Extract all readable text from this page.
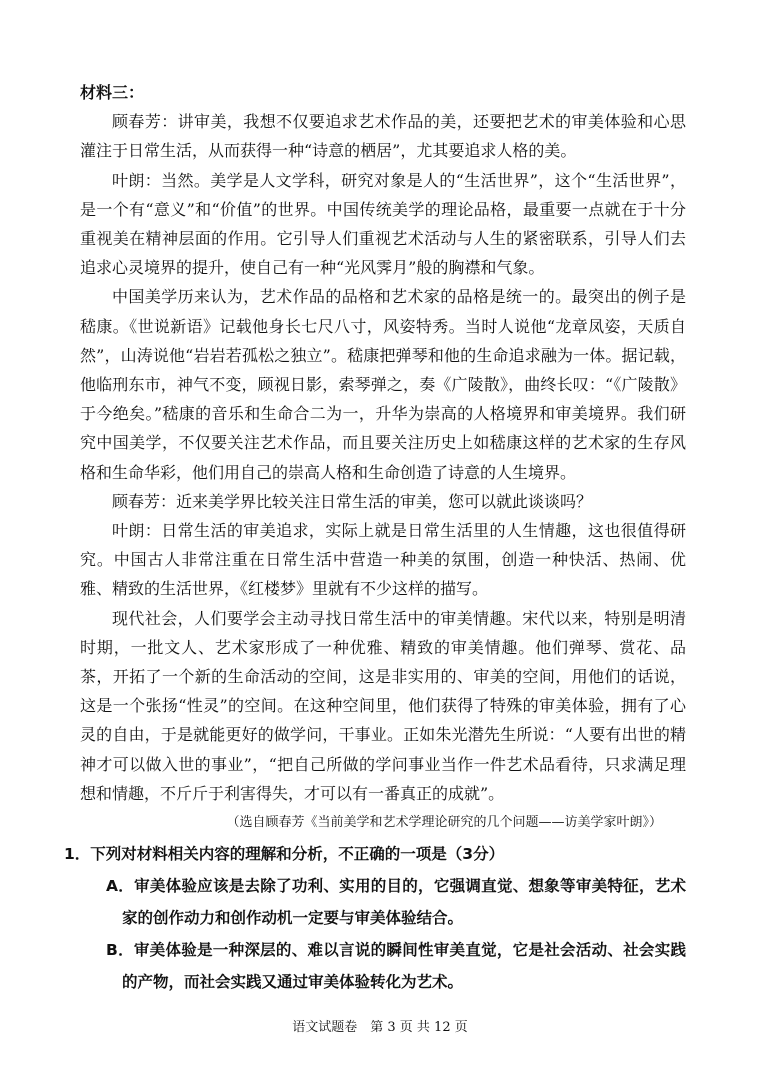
材料三：

顾春芳：讲审美，我想不仅要追求艺术作品的美，还要把艺术的审美体验和心思灌注于日常生活，从而获得一种“诗意的栖居”，尤其要追求人格的美。

叶朗：当然。美学是人文学科，研究对象是人的“生活世界”，这个“生活世界”，是一个有“意义”和“价值”的世界。中国传统美学的理论品格，最重要一点就在于十分重视美在精神层面的作用。它引导人们重视艺术活动与人生的紧密联系，引导人们去追求心灵境界的提升，使自己有一种“光风霁月”般的胸襟和气象。

中国美学历来认为，艺术作品的品格和艺术家的品格是统一的。最突出的例子是嵇康。《世说新语》记载他身长七尺八寸，风姿特秀。当时人说他“龙章凤姿，天质自然”，山涛说他“岩岩若孤松之独立”。嵇康把弹琴和他的生命追求融为一体。据记载，他临刑东市，神气不变，顾视日影，索琴弹之，奏《广陵散》，曲终长叹：“《广陵散》于今绝矣。”嵇康的音乐和生命合二为一，升华为崇高的人格境界和审美境界。我们研究中国美学，不仅要关注艺术作品，而且要关注历史上如嵇康这样的艺术家的生存风格和生命华彩，他们用自己的崇高人格和生命创造了诗意的人生境界。

顾春芳：近来美学界比较关注日常生活的审美，您可以就此谈谈吗？

叶朗：日常生活的审美追求，实际上就是日常生活里的人生情趣，这也很值得研究。中国古人非常注重在日常生活中营造一种美的氛围，创造一种快活、热闹、优雅、精致的生活世界，《红楼梦》里就有不少这样的描写。

现代社会，人们要学会主动寻找日常生活中的审美情趣。宋代以来，特别是明清时期，一批文人、艺术家形成了一种优雅、精致的审美情趣。他们弹琴、赏花、品茶，开拓了一个新的生命活动的空间，这是非实用的、审美的空间，用他们的话说，这是一个张扬“性灵”的空间。在这种空间里，他们获得了特殊的审美体验，拥有了心灵的自由，于是就能更好的做学问，干事业。正如朱光潜先生所说：“人要有出世的精神才可以做入世的事业”，“把自己所做的学问事业当作一件艺术品看待，只求满足理想和情趣，不斤斤于利害得失，才可以有一番真正的成就”。

（选自顾春芳《当前美学和艺术学理论研究的几个问题——访美学家叶朗》）

1．下列对材料相关内容的理解和分析，不正确的一项是（3分）

A．审美体验应该是去除了功利、实用的目的，它强调直觉、想象等审美特征，艺术家的创作动力和创作动机一定要与审美体验结合。

B．审美体验是一种深层的、难以言说的瞬间性审美直觉，它是社会活动、社会实践的产物，而社会实践又通过审美体验转化为艺术。

语文试题卷　第 3 页 共 12 页
